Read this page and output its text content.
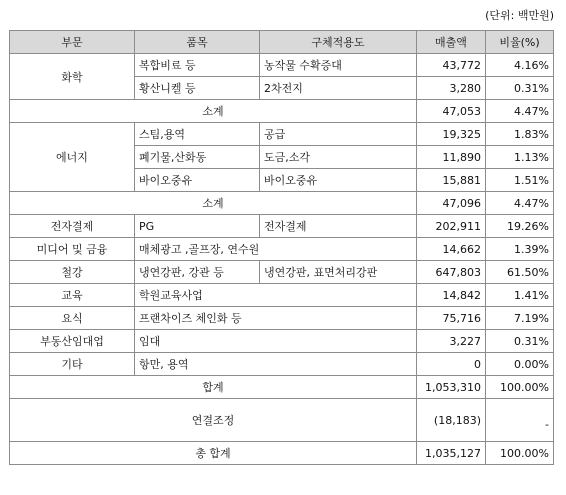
(단위: 백만원)
부문	품목	구체적용도	매출액	비율(%)
화학	복합비료 등	농작물 수확증대	43,772	4.16%
	황산니켈 등	2차전지	3,280	0.31%
소계			47,053	4.47%
에너지	스팀,용역	공급	19,325	1.83%
	폐기물,산화동	도금,소각	11,890	1.13%
	바이오중유	바이오중유	15,881	1.51%
소계			47,096	4.47%
전자결제	PG	전자결제	202,911	19.26%
미디어 및 금융	매체광고 ,골프장, 연수원		14,662	1.39%
철강	냉연강판, 강관 등	냉연강판, 표면처리강판	647,803	61.50%
교육	학원교육사업		14,842	1.41%
요식	프랜차이즈 체인화 등		75,716	7.19%
부동산임대업	임대		3,227	0.31%
기타	항만, 용역		0	0.00%
합계			1,053,310	100.00%
연결조정			(18,183)	-

총 합계			1,035,127	100.00%
